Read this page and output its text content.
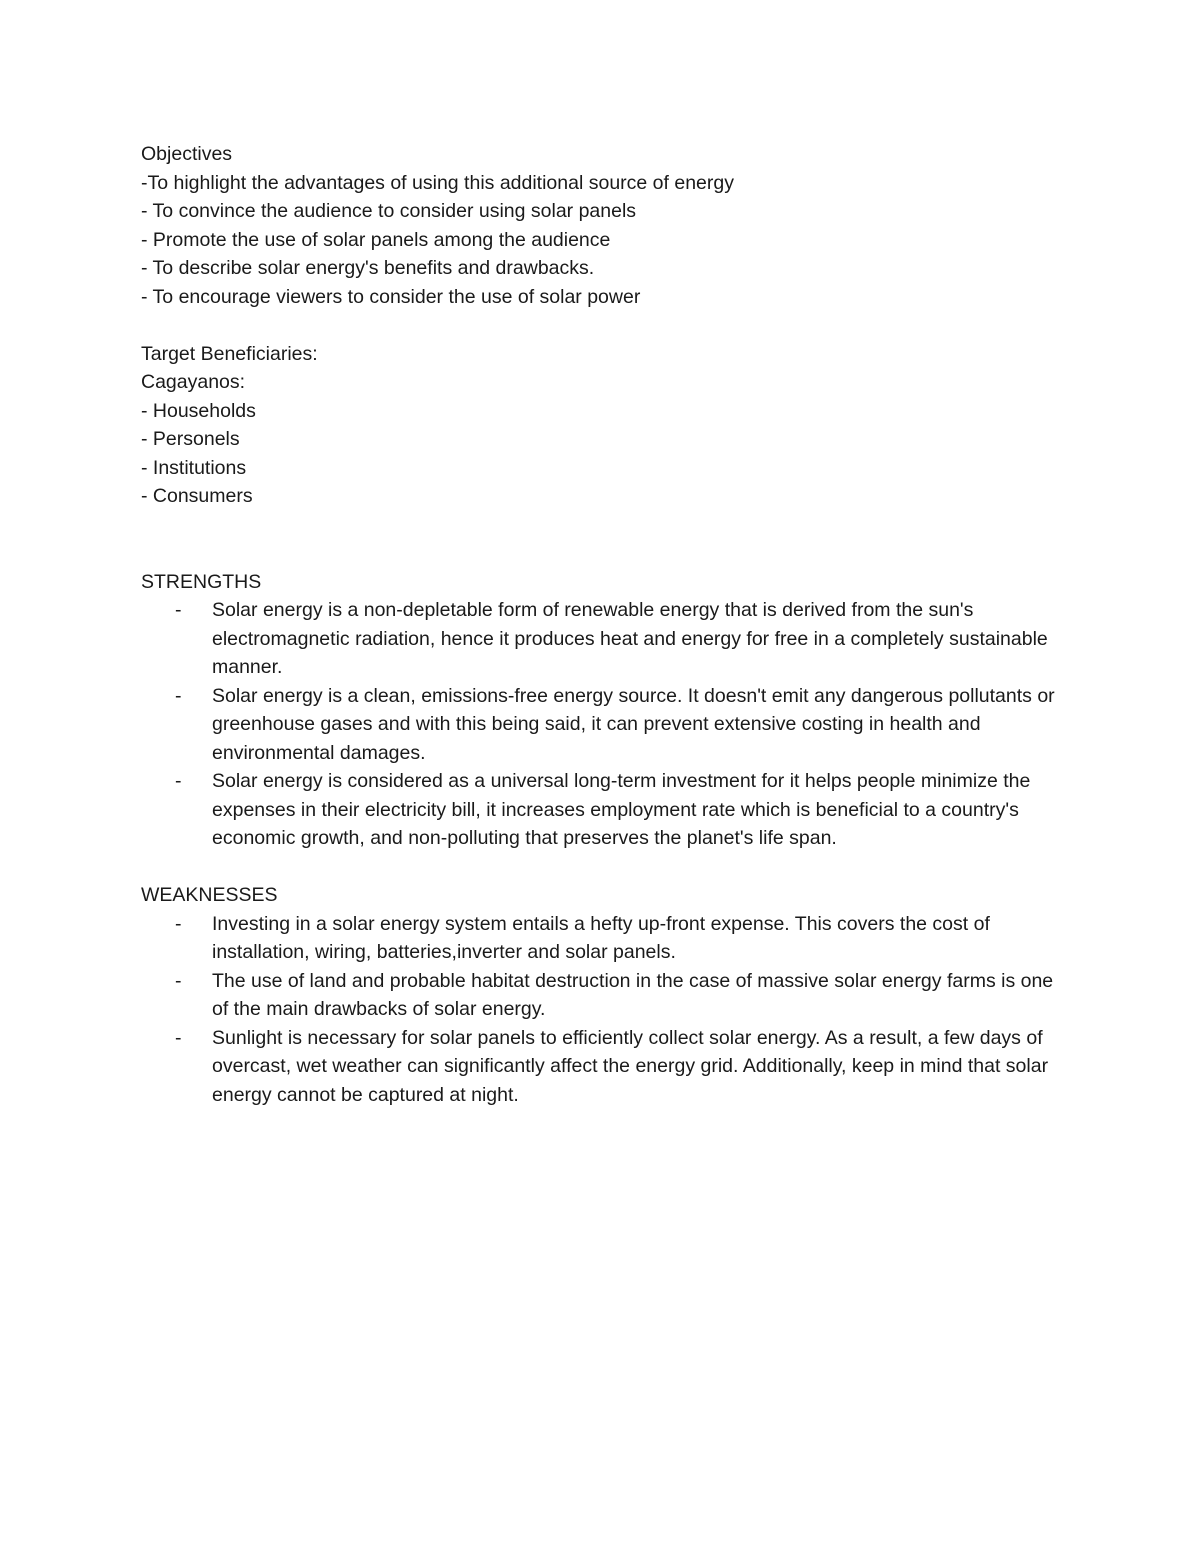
Objectives

-To highlight the advantages of using this additional source of energy

- To convince the audience to consider using solar panels

- Promote the use of solar panels among the audience

- To describe solar energy's benefits and drawbacks.

- To encourage viewers to consider the use of solar power

Target Beneficiaries:

Cagayanos:

- Households

- Personels

- Institutions

- Consumers

STRENGTHS

- Solar energy is a non-depletable form of renewable energy that is derived from the sun's electromagnetic radiation, hence it produces heat and energy for free in a completely sustainable manner.
- Solar energy is a clean, emissions-free energy source. It doesn't emit any dangerous pollutants or greenhouse gases and with this being said, it can prevent extensive costing in health and environmental damages.
- Solar energy is considered as a universal long-term investment for it helps people minimize the expenses in their electricity bill, it increases employment rate which is beneficial to a country's economic growth, and non-polluting that preserves the planet's life span.

WEAKNESSES

- Investing in a solar energy system entails a hefty up-front expense. This covers the cost of installation, wiring, batteries,inverter and solar panels.
- The use of land and probable habitat destruction in the case of massive solar energy farms is one of the main drawbacks of solar energy.
- Sunlight is necessary for solar panels to efficiently collect solar energy. As a result, a few days of overcast, wet weather can significantly affect the energy grid. Additionally, keep in mind that solar energy cannot be captured at night.
